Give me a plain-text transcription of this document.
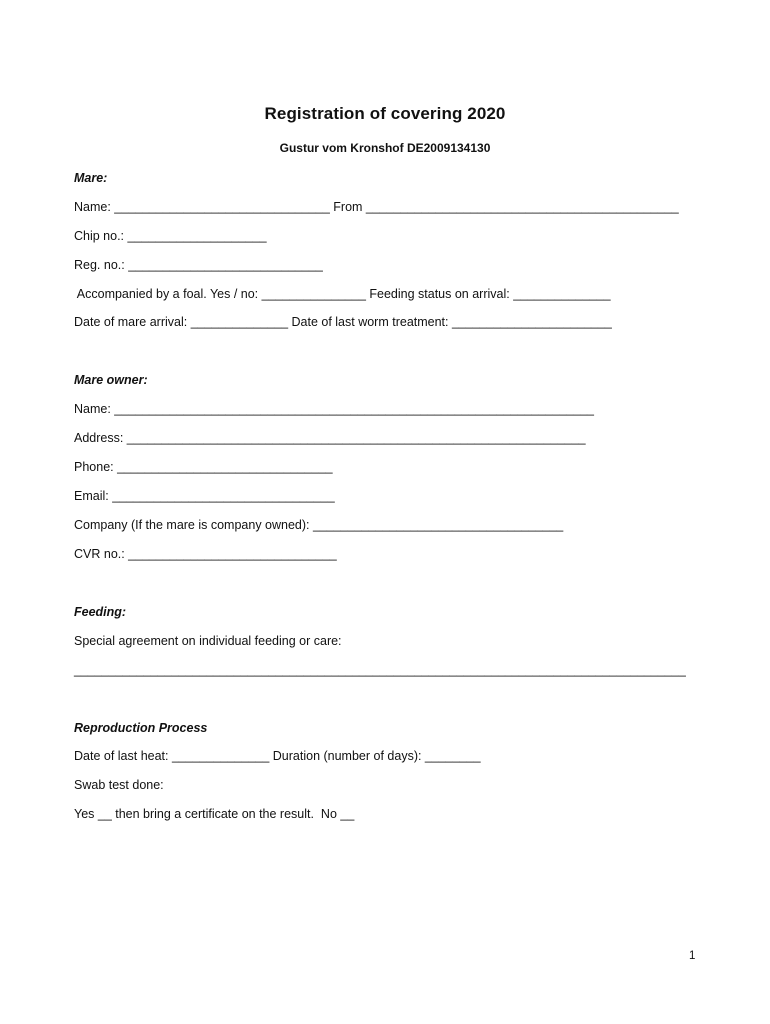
Registration of covering 2020
Gustur vom Kronshof DE2009134130
Mare:
Name: _______________________________ From _____________________________________________
Chip no.: ____________________
Reg. no.: ____________________________
Accompanied by a foal. Yes / no: _______________ Feeding status on arrival: ______________
Date of mare arrival: ______________ Date of last worm treatment: _______________________
Mare owner:
Name: _____________________________________________________________________
Address: __________________________________________________________________
Phone: _______________________________
Email: ________________________________
Company (If the mare is company owned): ____________________________________
CVR no.: ______________________________
Feeding:
Special agreement on individual feeding or care:
________________________________________________________________________________________
Reproduction Process
Date of last heat: ______________ Duration (number of days): ________
Swab test done:
Yes __ then bring a certificate on the result.  No __
1
